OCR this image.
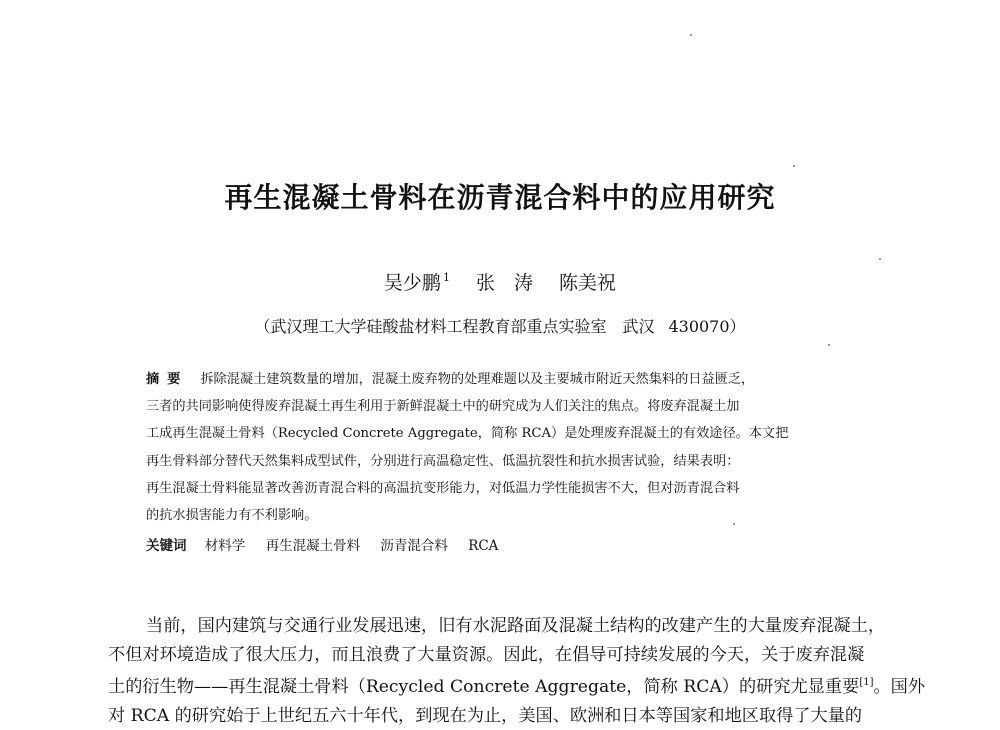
再生混凝土骨料在沥青混合料中的应用研究
吴少鹏 $^1$ 张　涛 陈美祝
（武汉理工大学硅酸盐材料工程教育部重点实验室　武汉 430070）
摘要 拆除混凝土建筑数量的增加，混凝土废弃物的处理难题以及主要城市附近天然集料的日益匮乏，
三者的共同影响使得废弃混凝土再生利用于新鲜混凝土中的研究成为人们关注的焦点。将废弃混凝土加
工成再生混凝土骨料（Recycled Concrete Aggregate，简称 RCA）是处理废弃混凝土的有效途径。本文把
再生骨料部分替代天然集料成型试件，分别进行高温稳定性、低温抗裂性和抗水损害试验，结果表明：
再生混凝土骨料能显著改善沥青混合料的高温抗变形能力，对低温力学性能损害不大，但对沥青混合料
的抗水损害能力有不利影响。
关键词 材料学 再生混凝土骨料 沥青混合料 RCA
当前，国内建筑与交通行业发展迅速，旧有水泥路面及混凝土结构的改建产生的大量废弃混凝土，
不但对环境造成了很大压力，而且浪费了大量资源。因此，在倡导可持续发展的今天，关于废弃混凝
土的衍生物——再生混凝土骨料（Recycled Concrete Aggregate，简称 RCA）的研究尤显重要[1]。国外
对 RCA 的研究始于上世纪五六十年代，到现在为止，美国、欧洲和日本等国家和地区取得了大量的
